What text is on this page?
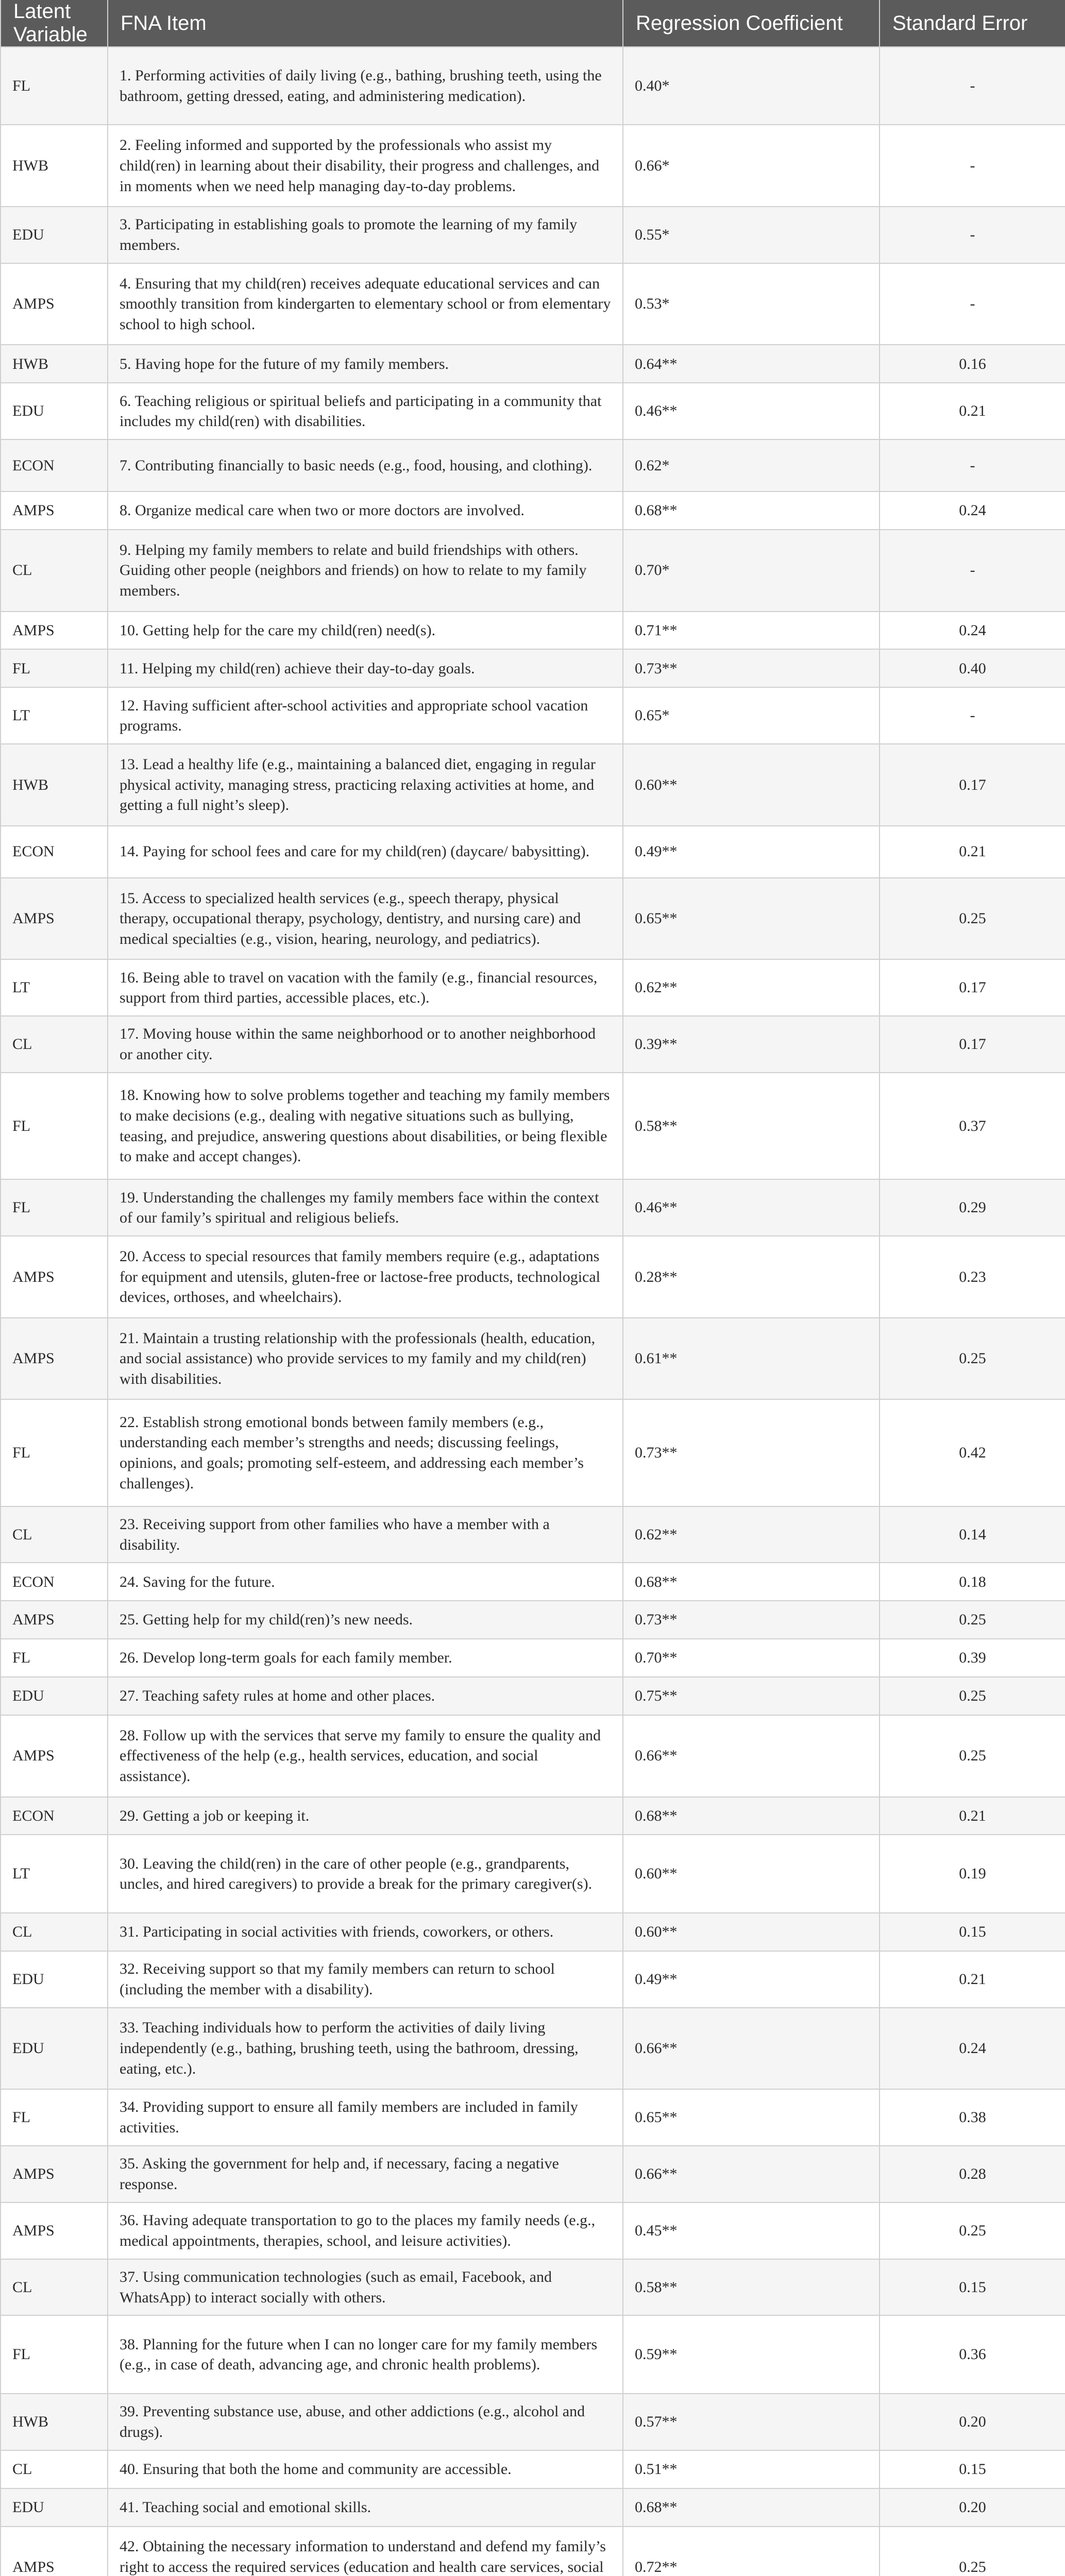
Latent Variable	FNA Item	Regression Coefficient	Standard Error
FL	1. Performing activities of daily living (e.g., bathing, brushing teeth, using the bathroom, getting dressed, eating, and administering medication).	0.40*	-
HWB	2. Feeling informed and supported by the professionals who assist my child(ren) in learning about their disability, their progress and challenges, and in moments when we need help managing day-to-day problems.	0.66*	-
EDU	3. Participating in establishing goals to promote the learning of my family members.	0.55*	-
AMPS	4. Ensuring that my child(ren) receives adequate educational services and can smoothly transition from kindergarten to elementary school or from elementary school to high school.	0.53*	-
HWB	5. Having hope for the future of my family members.	0.64**	0.16
EDU	6. Teaching religious or spiritual beliefs and participating in a community that includes my child(ren) with disabilities.	0.46**	0.21
ECON	7. Contributing financially to basic needs (e.g., food, housing, and clothing).	0.62*	-
AMPS	8. Organize medical care when two or more doctors are involved.	0.68**	0.24
CL	9. Helping my family members to relate and build friendships with others. Guiding other people (neighbors and friends) on how to relate to my family members.	0.70*	-
AMPS	10. Getting help for the care my child(ren) need(s).	0.71**	0.24
FL	11. Helping my child(ren) achieve their day-to-day goals.	0.73**	0.40
LT	12. Having sufficient after-school activities and appropriate school vacation programs.	0.65*	-
HWB	13. Lead a healthy life (e.g., maintaining a balanced diet, engaging in regular physical activity, managing stress, practicing relaxing activities at home, and getting a full night’s sleep).	0.60**	0.17
ECON	14. Paying for school fees and care for my child(ren) (daycare/ babysitting).	0.49**	0.21
AMPS	15. Access to specialized health services (e.g., speech therapy, physical therapy, occupational therapy, psychology, dentistry, and nursing care) and medical specialties (e.g., vision, hearing, neurology, and pediatrics).	0.65**	0.25
LT	16. Being able to travel on vacation with the family (e.g., financial resources, support from third parties, accessible places, etc.).	0.62**	0.17
CL	17. Moving house within the same neighborhood or to another neighborhood or another city.	0.39**	0.17
FL	18. Knowing how to solve problems together and teaching my family members to make decisions (e.g., dealing with negative situations such as bullying, teasing, and prejudice, answering questions about disabilities, or being flexible to make and accept changes).	0.58**	0.37
FL	19. Understanding the challenges my family members face within the context of our family’s spiritual and religious beliefs.	0.46**	0.29
AMPS	20. Access to special resources that family members require (e.g., adaptations for equipment and utensils, gluten-free or lactose-free products, technological devices, orthoses, and wheelchairs).	0.28**	0.23
AMPS	21. Maintain a trusting relationship with the professionals (health, education, and social assistance) who provide services to my family and my child(ren) with disabilities.	0.61**	0.25
FL	22. Establish strong emotional bonds between family members (e.g., understanding each member’s strengths and needs; discussing feelings, opinions, and goals; promoting self-esteem, and addressing each member’s challenges).	0.73**	0.42
CL	23. Receiving support from other families who have a member with a disability.	0.62**	0.14
ECON	24. Saving for the future.	0.68**	0.18
AMPS	25. Getting help for my child(ren)’s new needs.	0.73**	0.25
FL	26. Develop long-term goals for each family member.	0.70**	0.39
EDU	27. Teaching safety rules at home and other places.	0.75**	0.25
AMPS	28. Follow up with the services that serve my family to ensure the quality and effectiveness of the help (e.g., health services, education, and social assistance).	0.66**	0.25
ECON	29. Getting a job or keeping it.	0.68**	0.21
LT	30. Leaving the child(ren) in the care of other people (e.g., grandparents, uncles, and hired caregivers) to provide a break for the primary caregiver(s).	0.60**	0.19
CL	31. Participating in social activities with friends, coworkers, or others.	0.60**	0.15
EDU	32. Receiving support so that my family members can return to school (including the member with a disability).	0.49**	0.21
EDU	33. Teaching individuals how to perform the activities of daily living independently (e.g., bathing, brushing teeth, using the bathroom, dressing, eating, etc.).	0.66**	0.24
FL	34. Providing support to ensure all family members are included in family activities.	0.65**	0.38
AMPS	35. Asking the government for help and, if necessary, facing a negative response.	0.66**	0.28
AMPS	36. Having adequate transportation to go to the places my family needs (e.g., medical appointments, therapies, school, and leisure activities).	0.45**	0.25
CL	37. Using communication technologies (such as email, Facebook, and WhatsApp) to interact socially with others.	0.58**	0.15
FL	38. Planning for the future when I can no longer care for my family members (e.g., in case of death, advancing age, and chronic health problems).	0.59**	0.36
HWB	39. Preventing substance use, abuse, and other addictions (e.g., alcohol and drugs).	0.57**	0.20
CL	40. Ensuring that both the home and community are accessible.	0.51**	0.15
EDU	41. Teaching social and emotional skills.	0.68**	0.20
AMPS	42. Obtaining the necessary information to understand and defend my family’s right to access the required services (education and health care services, social	0.72**	0.25
